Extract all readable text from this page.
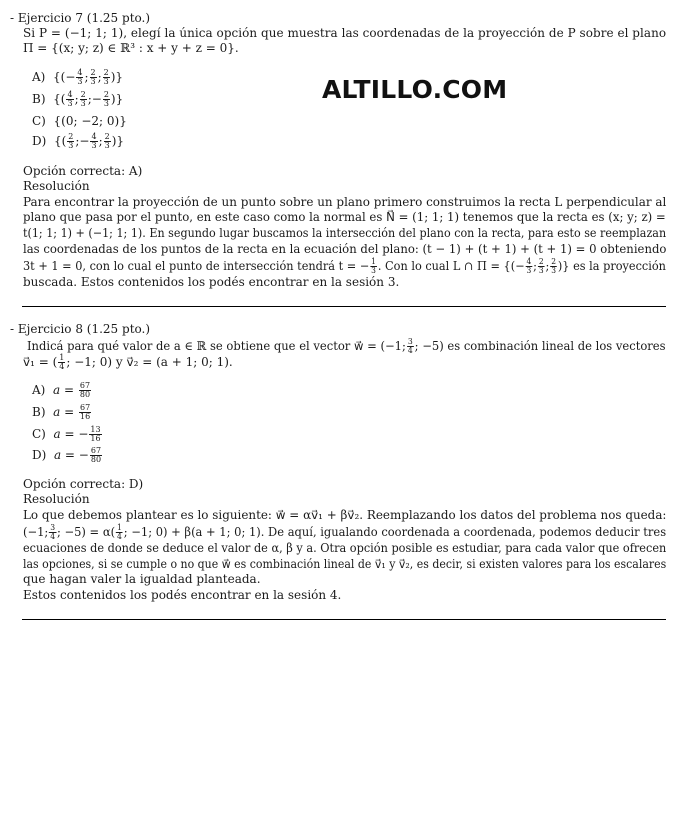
ALTILLO.COM
- Ejercicio 7 (1.25 pto.)
Si P = (−1; 1; 1), elegí la única opción que muestra las coordenadas de la proyección de P sobre el plano
Π = {(x; y; z) ∈ ℝ³ : x + y + z = 0}.
A) {(− $\frac{4}{3}$ ; $\frac{2}{3}$ ; $\frac{2}{3}$ )}
B) {( $\frac{4}{3}$ ; $\frac{2}{3}$ ;− $\frac{2}{3}$ )}
C) {(0; −2; 0)}
D) {( $\frac{2}{3}$ ;− $\frac{4}{3}$ ; $\frac{2}{3}$ )}
Opción correcta: A)
Resolución
Para encontrar la proyección de un punto sobre un plano primero construimos la recta L perpendicular al
plano que pasa por el punto, en este caso como la normal es N⃗ = (1; 1; 1) tenemos que la recta es (x; y; z) =
t(1; 1; 1) + (−1; 1; 1). En segundo lugar buscamos la intersección del plano con la recta, para esto se reemplazan
las coordenadas de los puntos de la recta en la ecuación del plano: (t − 1) + (t + 1) + (t + 1) = 0 obteniendo
3t + 1 = 0, con lo cual el punto de intersección tendrá t = − $\frac{1}{3}$ . Con lo cual L ∩ Π = {(− $\frac{4}{3}$ ; $\frac{2}{3}$ ; $\frac{2}{3}$ )} es la proyección
buscada. Estos contenidos los podés encontrar en la sesión 3.
- Ejercicio 8 (1.25 pto.)
Indicá para qué valor de a ∈ ℝ se obtiene que el vector w⃗ = (−1; $\frac{3}{4}$ ; −5) es combinación lineal de los vectores
v⃗₁ = ( $\frac{1}{4}$ ; −1; 0) y v⃗₂ = (a + 1; 0; 1).
A) $a = \frac{67}{80}$
B) $a = \frac{67}{16}$
C) a = − $\frac{13}{16}$
D) a = − $\frac{67}{80}$
Opción correcta: D)
Resolución
Lo que debemos plantear es lo siguiente: w⃗ = αv⃗₁ + βv⃗₂. Reemplazando los datos del problema nos queda:
(−1; $\frac{3}{4}$ ; $-5) = \alpha( \frac{1}{4}$ ; −1; 0) + β(a + 1; 0; 1). De aquí, igualando coordenada a coordenada, podemos deducir tres
ecuaciones de donde se deduce el valor de α, β y a. Otra opción posible es estudiar, para cada valor que ofrecen
las opciones, si se cumple o no que w⃗ es combinación lineal de v⃗₁ y v⃗₂, es decir, si existen valores para los escalares
que hagan valer la igualdad planteada.
Estos contenidos los podés encontrar en la sesión 4.
